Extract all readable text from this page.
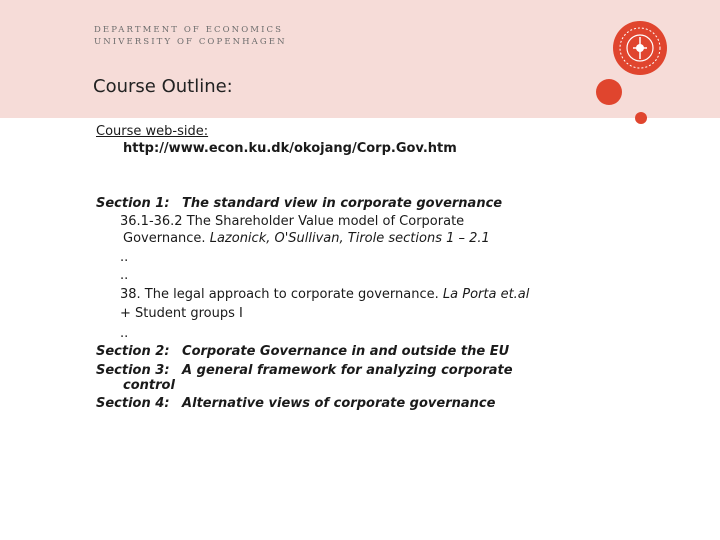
DEPARTMENT OF ECONOMICS
UNIVERSITY OF COPENHAGEN
Course Outline:
Course web-side:
http://www.econ.ku.dk/okojang/Corp.Gov.htm
Section 1: The standard view in corporate governance
36.1-36.2 The Shareholder Value model of Corporate
Governance. Lazonick, O'Sullivan, Tirole sections 1 – 2.1
..
..
38. The legal approach to corporate governance. La Porta et.al
+ Student groups I
..
Section 2: Corporate Governance in and outside the EU
Section 3: A general framework for analyzing corporate
control
Section 4: Alternative views of corporate governance
